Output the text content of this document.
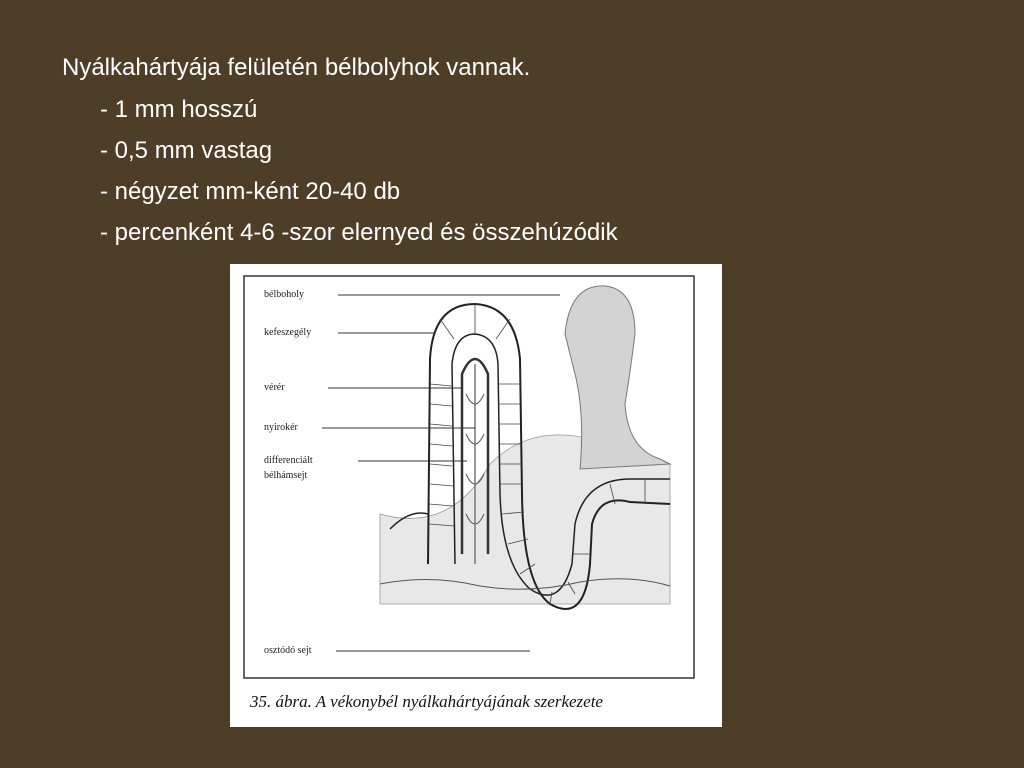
Nyálkahártyája felületén bélbolyhok vannak.
- 1 mm hosszú
- 0,5 mm vastag
- négyzet mm-ként 20-40 db
- percenként 4-6 -szor elernyed és összehúzódik
bélboholy
kefeszegély
vérér
nyirokér
differenciált
bélhámsejt
osztódó sejt
35. ábra. A vékonybél nyálkahártyájának szerkezete
